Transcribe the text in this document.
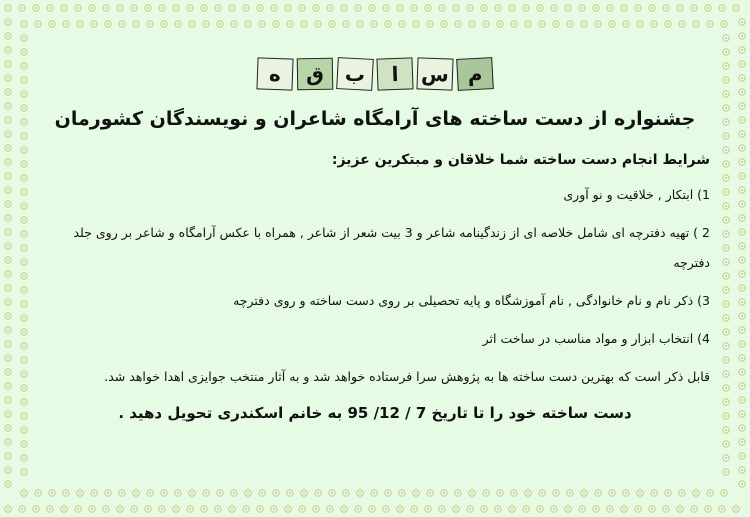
م
س
ا
ب
ق
ه
جشنواره از دست ساخته های آرامگاه شاعران و نویسندگان کشورمان
شرایط انجام دست ساخته شما خلاقان و مبتکرین عزیز:
1) ابتکار , خلاقیت و نو آوری
2 ) تهیه دفترچه ای شامل خلاصه ای از زندگینامه شاعر و 3 بیت شعر از شاعر , همراه با عکس آرامگاه و شاعر بر روی جلد دفترچه
3) ذکر نام و نام خانوادگی , نام آموزشگاه و پایه تحصیلی بر روی دست ساخته و روی دفترچه
4) انتخاب ابزار و مواد مناسب در ساخت اثر
قابل ذکر است که بهترین دست ساخته ها به پژوهش سرا فرستاده خواهد شد و به آثار منتخب جوایزی اهدا خواهد شد.
دست ساخته خود را تا تاریخ 7 / 12/ 95 به خانم اسکندری تحویل دهید .
